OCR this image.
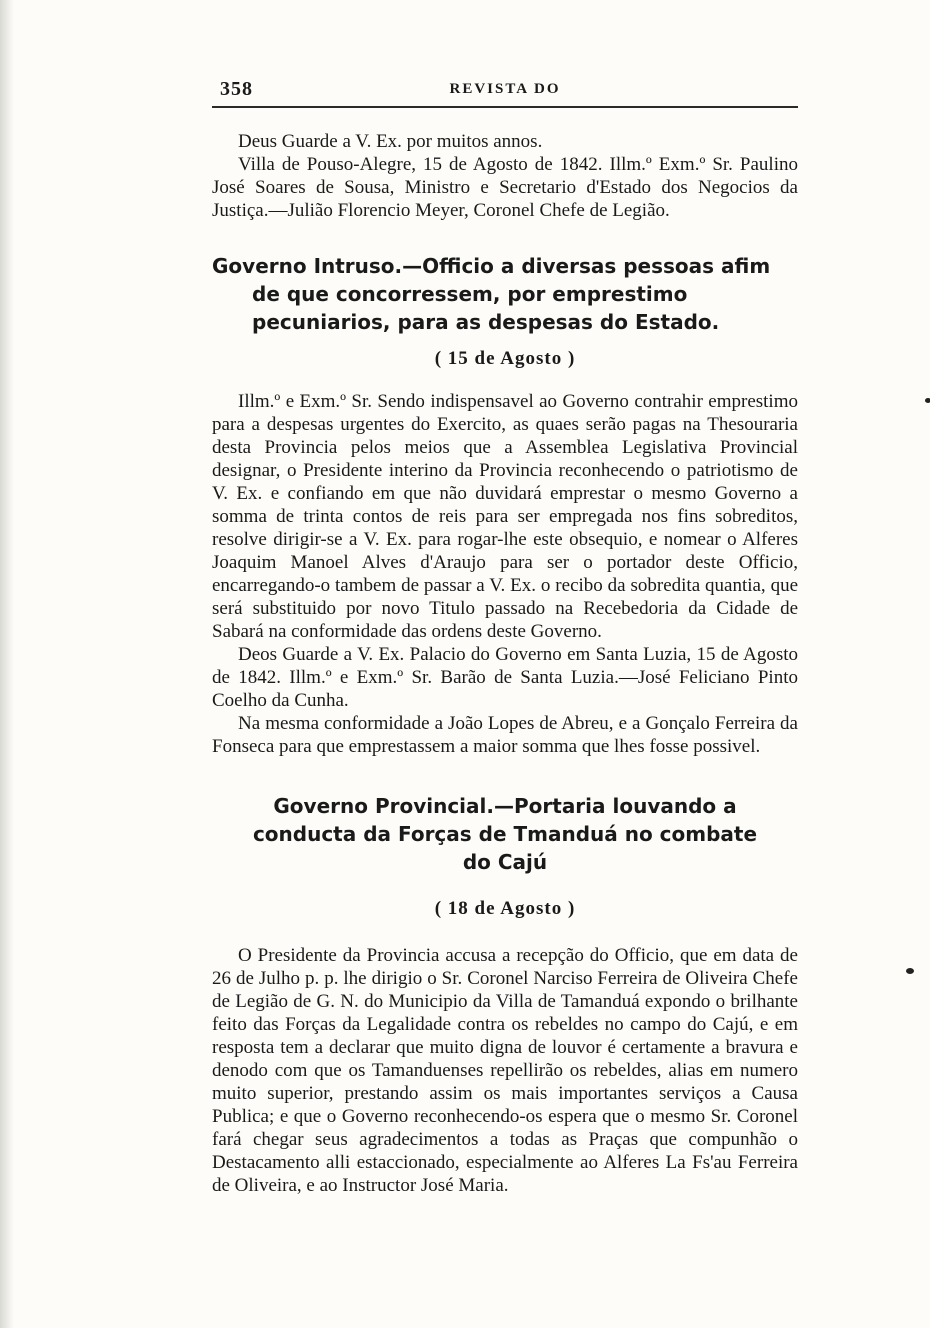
358	REVISTA DO

Deus Guarde a V. Ex. por muitos annos.

Villa de Pouso-Alegre, 15 de Agosto de 1842. Illm.º Exm.º Sr. Paulino José Soares de Sousa, Ministro e Secretario d'Estado dos Negocios da Justiça.—Julião Florencio Meyer, Coronel Chefe de Legião.

Governo Intruso.—Officio a diversas pessoas afim de que concorressem, por emprestimo pecuniarios, para as despesas do Estado.
( 15 de Agosto )

Illm.º e Exm.º Sr. Sendo indispensavel ao Governo contrahir emprestimo para a despesas urgentes do Exercito, as quaes serão pagas na Thesouraria desta Provincia pelos meios que a Assemblea Legislativa Provincial designar, o Presidente interino da Provincia reconhecendo o patriotismo de V. Ex. e confiando em que não duvidará emprestar o mesmo Governo a somma de trinta contos de reis para ser empregada nos fins sobreditos, resolve dirigir-se a V. Ex. para rogar-lhe este obsequio, e nomear o Alferes Joaquim Manoel Alves d'Araujo para ser o portador deste Officio, encarregando-o tambem de passar a V. Ex. o recibo da sobredita quantia, que será substituido por novo Titulo passado na Recebedoria da Cidade de Sabará na conformidade das ordens deste Governo.

Deos Guarde a V. Ex. Palacio do Governo em Santa Luzia, 15 de Agosto de 1842. Illm.º e Exm.º Sr. Barão de Santa Luzia.—José Feliciano Pinto Coelho da Cunha.

Na mesma conformidade a João Lopes de Abreu, e a Gonçalo Ferreira da Fonseca para que emprestassem a maior somma que lhes fosse possivel.

Governo Provincial.—Portaria louvando a conducta da Forças de Tmanduá no combate do Cajú
( 18 de Agosto )

O Presidente da Provincia accusa a recepção do Officio, que em data de 26 de Julho p. p. lhe dirigio o Sr. Coronel Narciso Ferreira de Oliveira Chefe de Legião de G. N. do Municipio da Villa de Tamanduá expondo o brilhante feito das Forças da Legalidade contra os rebeldes no campo do Cajú, e em resposta tem a declarar que muito digna de louvor é certamente a bravura e denodo com que os Tamanduenses repellirão os rebeldes, alias em numero muito superior, prestando assim os mais importantes serviços a Causa Publica; e que o Governo reconhecendo-os espera que o mesmo Sr. Coronel fará chegar seus agradecimentos a todas as Praças que compunhão o Destacamento alli estaccionado, especialmente ao Alferes La Fs'au Ferreira de Oliveira, e ao Instructor José Maria.
